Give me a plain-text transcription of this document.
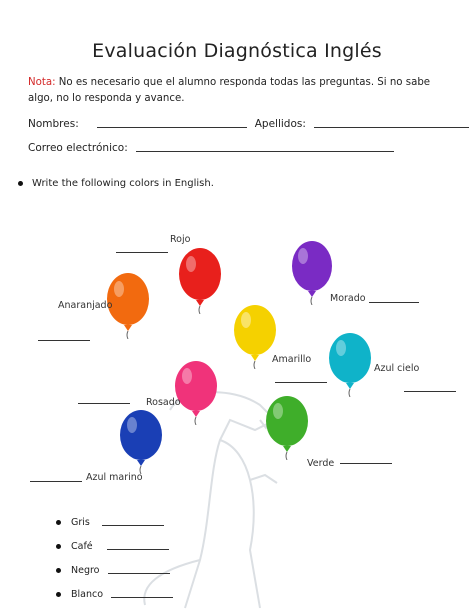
Evaluación Diagnóstica Inglés
Nota: No es necesario que el alumno responda todas las preguntas. Si no sabe algo, no lo responda y avance.
Nombres:	Apellidos:
Correo electrónico:
Write the following colors in English.
Rojo
Morado
Anaranjado
Amarillo
Azul cielo
Rosado
Verde
Azul marino
Gris
Café
Negro
Blanco
